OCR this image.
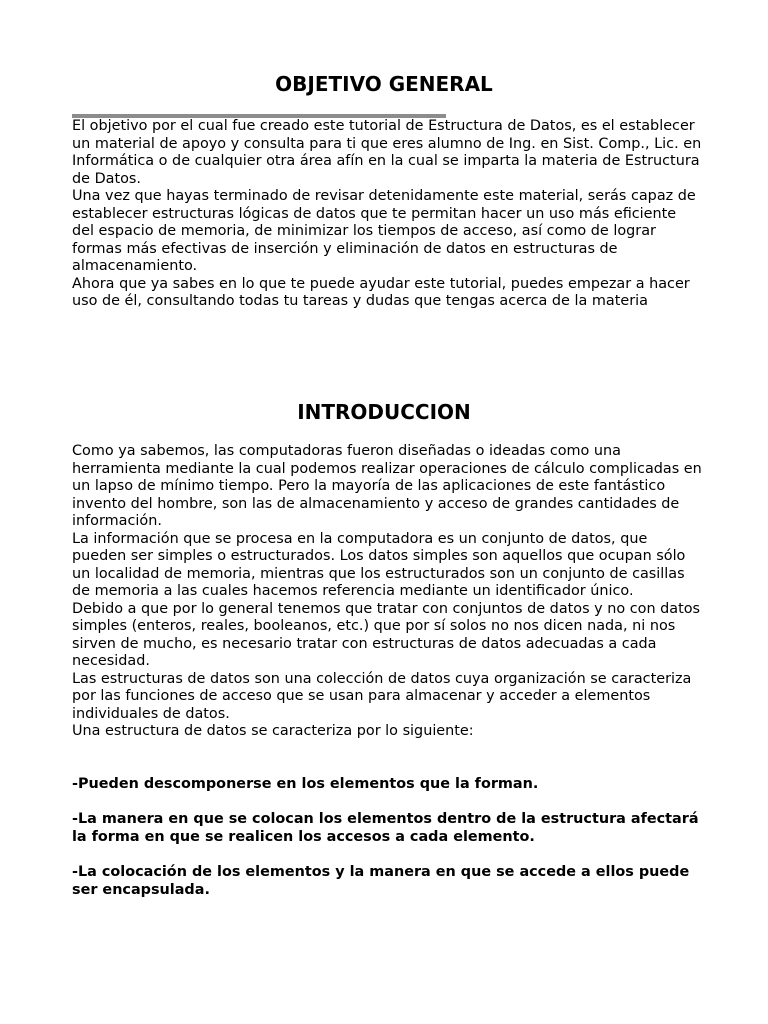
OBJETIVO GENERAL

El objetivo por el cual fue creado este tutorial de Estructura de Datos, es el establecer un material de apoyo y consulta para ti que eres alumno de Ing. en Sist. Comp., Lic. en Informática o de cualquier otra área afín en la cual se imparta la materia de Estructura de Datos.

Una vez que hayas terminado de revisar detenidamente este material, serás capaz de establecer estructuras lógicas de datos que te permitan hacer un uso más eficiente del espacio de memoria, de minimizar los tiempos de acceso, así como de lograr formas más efectivas de inserción y eliminación de datos en estructuras de almacenamiento.

Ahora que ya sabes en lo que te puede ayudar este tutorial, puedes empezar a hacer uso de él, consultando todas tu tareas y dudas que tengas acerca de la materia

INTRODUCCION

Como ya sabemos, las computadoras fueron diseñadas o ideadas como una herramienta mediante la cual podemos realizar operaciones de cálculo complicadas en un lapso de mínimo tiempo. Pero la mayoría de las aplicaciones de este fantástico invento del hombre, son las de almacenamiento y acceso de grandes cantidades de información.

La información que se procesa en la computadora es un conjunto de datos, que pueden ser simples o estructurados. Los datos simples son aquellos que ocupan sólo un localidad de memoria, mientras que los estructurados son un conjunto de casillas de memoria a las cuales hacemos referencia mediante un identificador único.

Debido a que por lo general tenemos que tratar con conjuntos de datos y no con datos simples (enteros, reales, booleanos, etc.) que por sí solos no nos dicen nada, ni nos sirven de mucho, es necesario tratar con estructuras de datos adecuadas a cada necesidad.

Las estructuras de datos son una colección de datos cuya organización se caracteriza por las funciones de acceso que se usan para almacenar y acceder a elementos individuales de datos.

Una estructura de datos se caracteriza por lo siguiente:

-Pueden descomponerse en los elementos que la forman.

-La manera en que se colocan los elementos dentro de la estructura afectará la forma en que se realicen los accesos a cada elemento.

-La colocación de los elementos y la manera en que se accede a ellos puede ser encapsulada.
